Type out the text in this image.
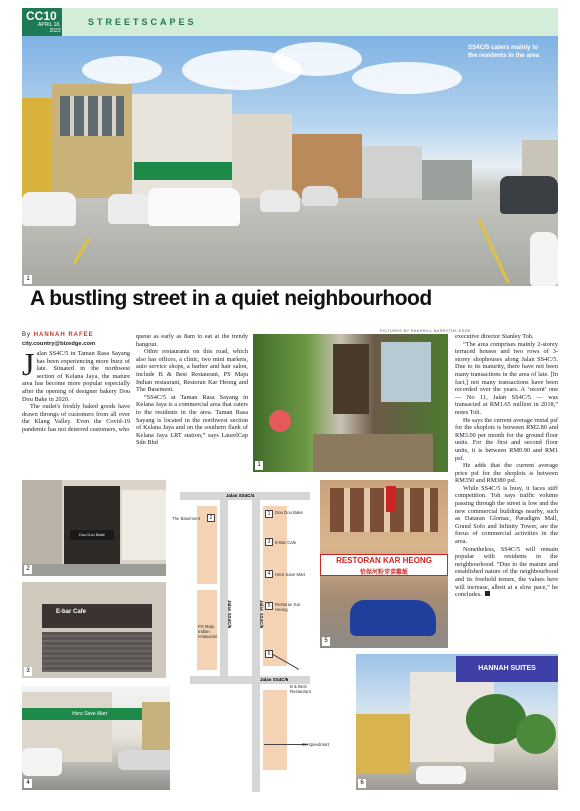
CC10
APRIL 18,
2022
STREETSCAPES
SS4C/5 caters mainly to the residents in the area
1
A bustling street in a quiet neighbourhood
By HANNAH RAFEE
city.country@bizedge.com

Jalan SS4C/5 in Taman Rasa Sayang has been experiencing more buzz of late. Situated in the northwest section of Kelana Jaya, the mature area has become more popular especially after the opening of designer bakery Dou Dou Bake in 2020.

The outlet's freshly baked goods have drawn throngs of customers from all over the Klang Valley. Even the Covid-19 pandemic has not deterred customers, who

queue as early as 8am to eat at the trendy hangout.

Other restaurants on this road, which also has offices, a clinic, two mini markets, auto service shops, a barber and hair salon, include B & Best Restaurant, PS Maju Indian restaurant, Restoran Kar Heong and The Basement.

“SS4C/5 at Taman Rasa Sayang in Kelana Jaya is a commercial area that caters to the residents in the area. Taman Rasa Sayang is located in the northwest section of Kelana Jaya and on the southern flank of Kelana Jaya LRT station,” says LaurelCap Sdn Bhd

PICTURES BY SHAHRILL BASRI/THE EDGE
1

executive director Stanley Toh.

“The area comprises mainly 2-storey terraced houses and two rows of 3-storey shophouses along Jalan SS4C/5. Due to its maturity, there have not been many transactions in the area of late. [In fact,] not many transactions have been recorded over the years. A ‘recent’ one — No 11, Jalan SS4C/5 — was transacted at RM1.65 million in 2018,” notes Toh.

He says the current average rental psf for the shoplots is between RM2.80 and RM3.00 per month for the ground floor units. For the first and second floor units, it is between RM0.90 and RM1 psf.

He adds that the current average price psf for the shoplots is between RM350 and RM380 psf.

While SS4C/5 is busy, it faces stiff competition. Toh says traffic volume passing through the street is low and the new commercial buildings nearby, such as Dataran Glomac, Paradigm Mall, Grand Sofo and Infinity Tower, are the focus of commercial activities in the area.

Nonetheless, SS4C/5 will remain popular with residents in the neighbourhood. “Due to the mature and established nature of the neighbourhood and its freehold tenure, the values here will increase, albeit at a slow pace,” he concludes.

Dou Dou Bake
2
E-bar Cafe
3
Hero Save Mart
4
Jalan SS4C/4
Jalan SS4C/5	Jalan SS4C/5
Jalan SS4C/6
1	Dou Dou Bake
2
The Basement
3	E-Bar Cafe
4	Hero Save Mart
5	Restoran Kar Heong
6
B & Best Restaurant
PS Maju Indian restaurant
99 Speedmart
RESTORAN KAR HEONG
恰保河粉芽菜雞飯
5
HANNAH SUITES
6
